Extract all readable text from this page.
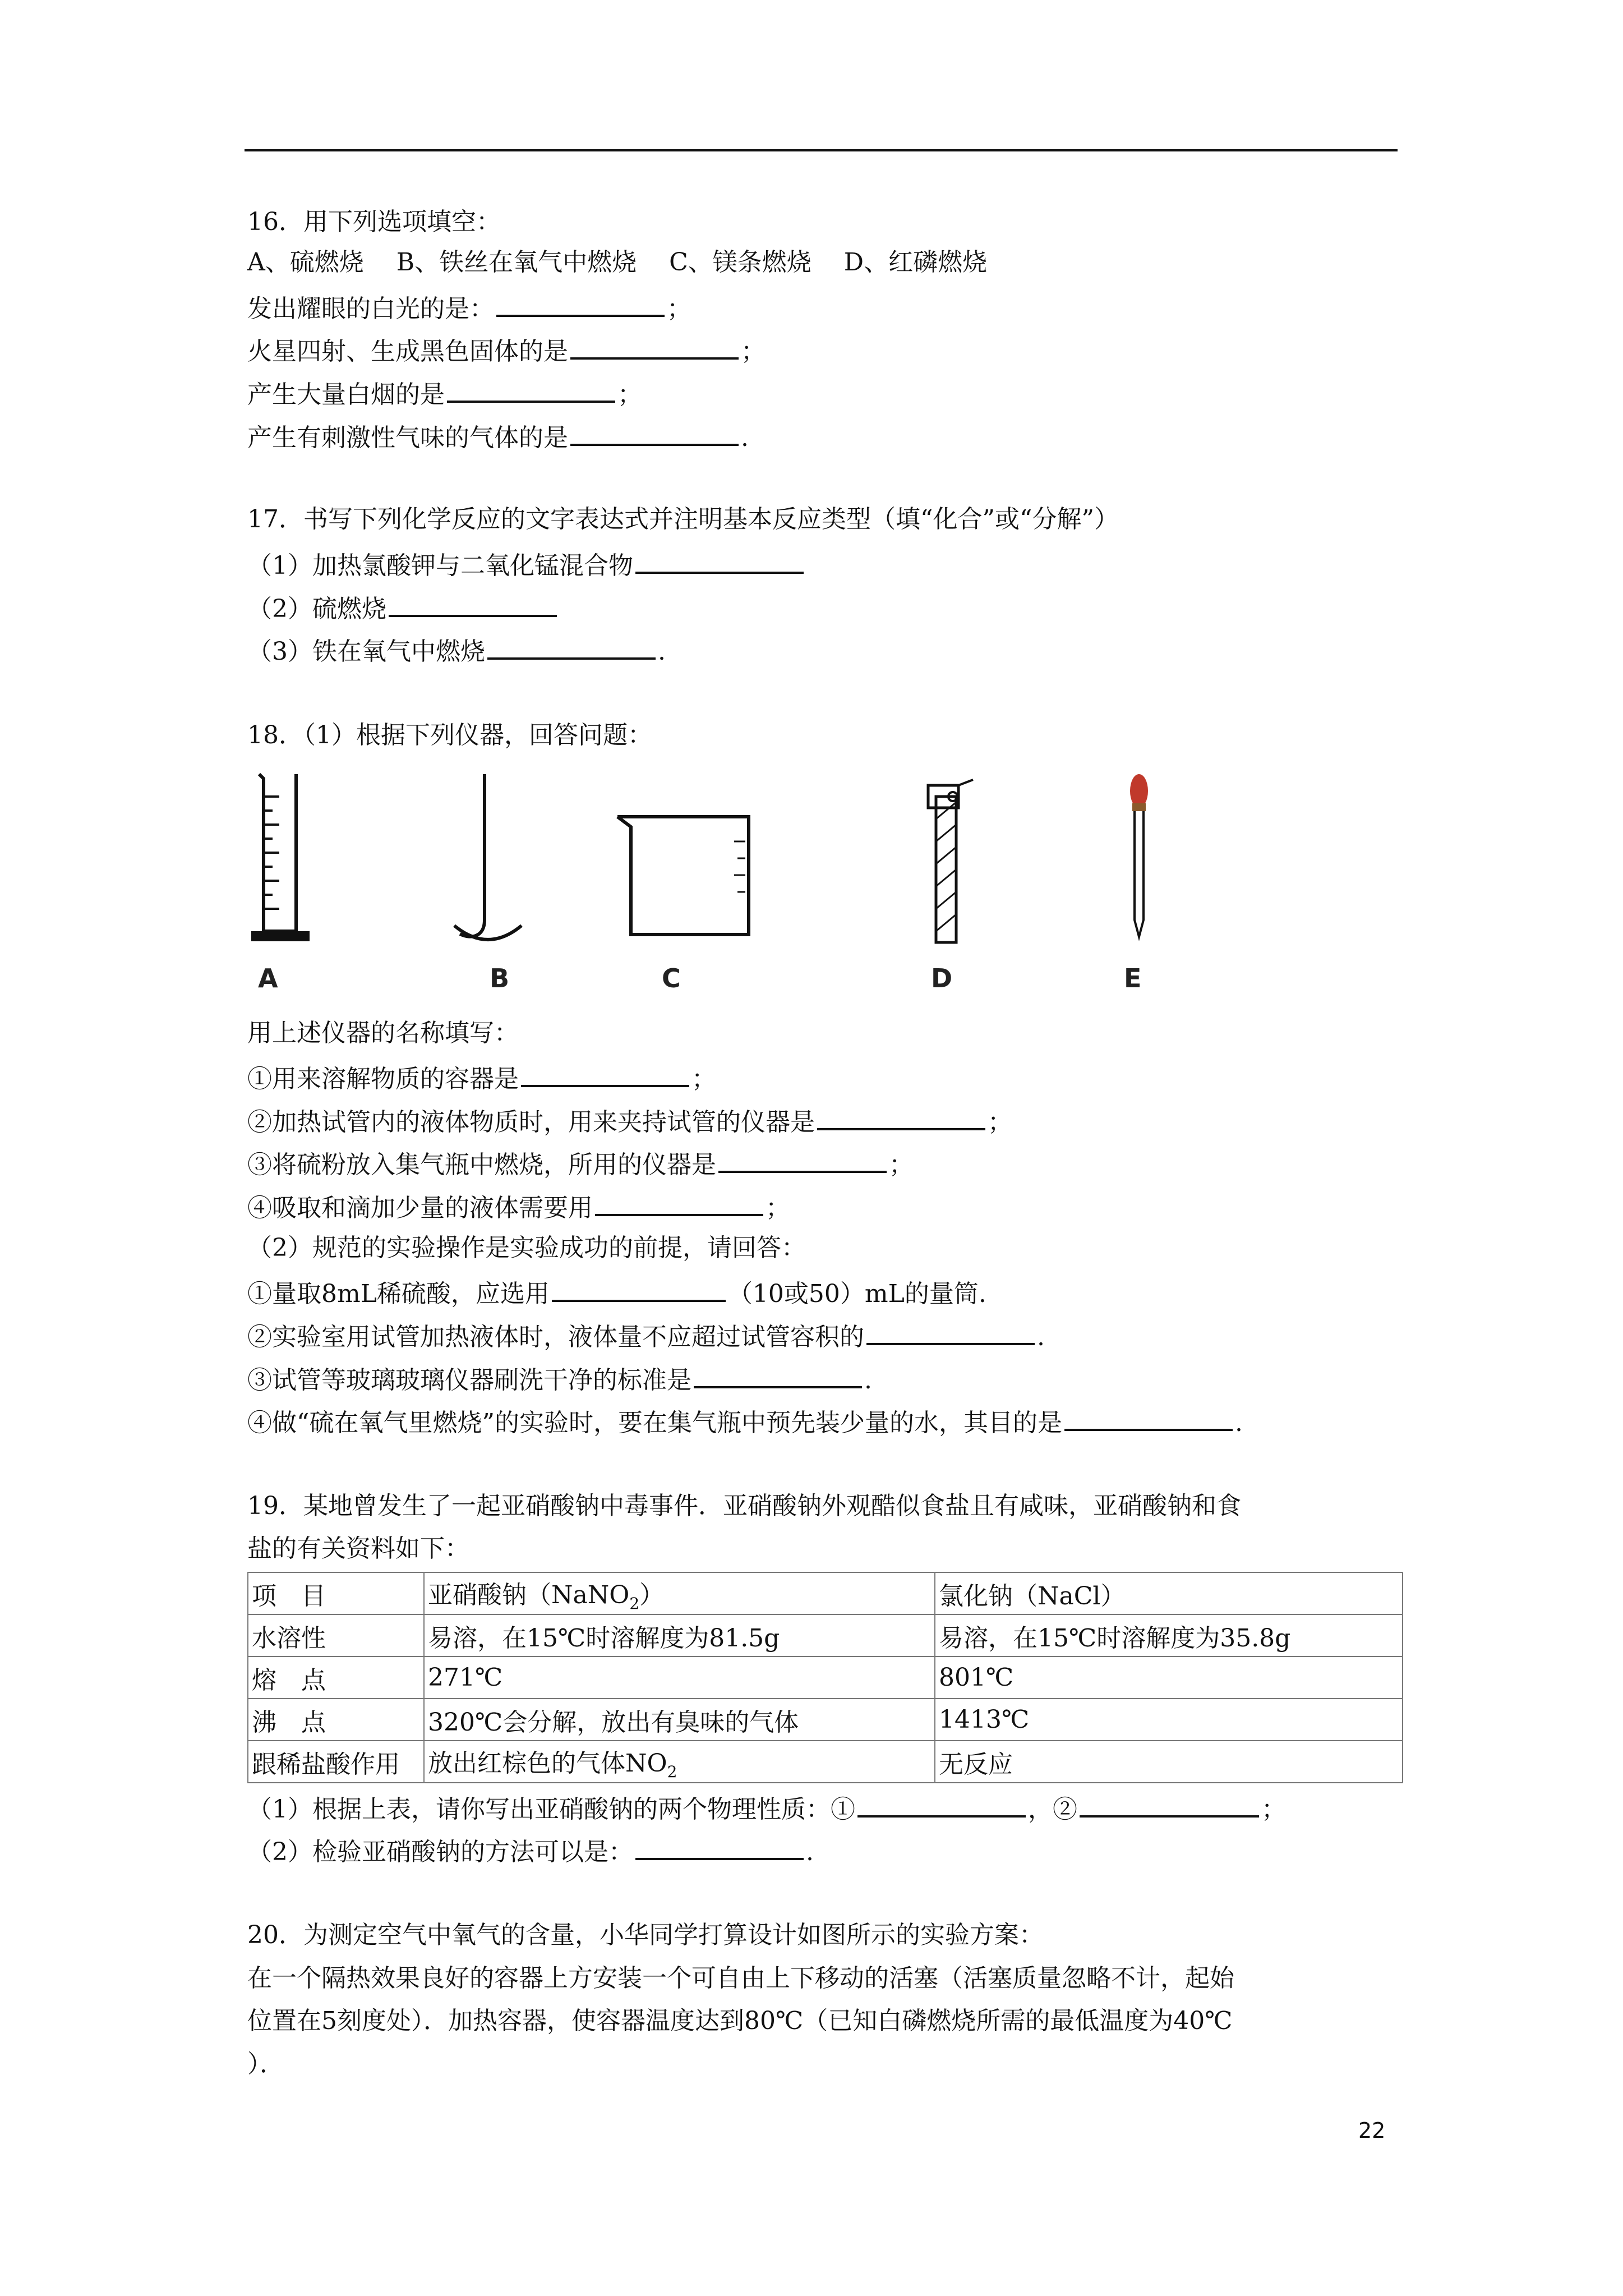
16．用下列选项填空：
A、硫燃烧 B、铁丝在氧气中燃烧 C、镁条燃烧 D、红磷燃烧
发出耀眼的白光的是：	；
火星四射、生成黑色固体的是	；
产生大量白烟的是	；
产生有刺激性气味的气体的是	.
17．书写下列化学反应的文字表达式并注明基本反应类型（填“化合”或“分解”）
（1）加热氯酸钾与二氧化锰混合物
（2）硫燃烧
（3）铁在氧气中燃烧	.
18．（1）根据下列仪器，回答问题：
A	B	C	D	E
用上述仪器的名称填写：
①用来溶解物质的容器是	；
②加热试管内的液体物质时，用来夹持试管的仪器是	；
③将硫粉放入集气瓶中燃烧，所用的仪器是	；
④吸取和滴加少量的液体需要用	；
（2）规范的实验操作是实验成功的前提，请回答：
①量取8mL稀硫酸，应选用	（10或50）mL的量筒.
②实验室用试管加热液体时，液体量不应超过试管容积的	.
③试管等玻璃玻璃仪器刷洗干净的标准是	.
④做“硫在氧气里燃烧”的实验时，要在集气瓶中预先装少量的水，其目的是	.
19．某地曾发生了一起亚硝酸钠中毒事件．亚硝酸钠外观酷似食盐且有咸味，亚硝酸钠和食
盐的有关资料如下：
项　目	亚硝酸钠（NaNO$_2$）	氯化钠（NaCl）
水溶性	易溶，在15℃时溶解度为81.5g	易溶，在15℃时溶解度为35.8g
熔　点	271℃	801℃
沸　点	320℃会分解，放出有臭味的气体	1413℃
跟稀盐酸作用	放出红棕色的气体$NO_2$	无反应
（1）根据上表，请你写出亚硝酸钠的两个物理性质：①	，②	；
（2）检验亚硝酸钠的方法可以是：	.
20．为测定空气中氧气的含量，小华同学打算设计如图所示的实验方案：
在一个隔热效果良好的容器上方安装一个可自由上下移动的活塞（活塞质量忽略不计，起始
位置在5刻度处）．加热容器，使容器温度达到80℃（已知白磷燃烧所需的最低温度为40℃
）．
22
